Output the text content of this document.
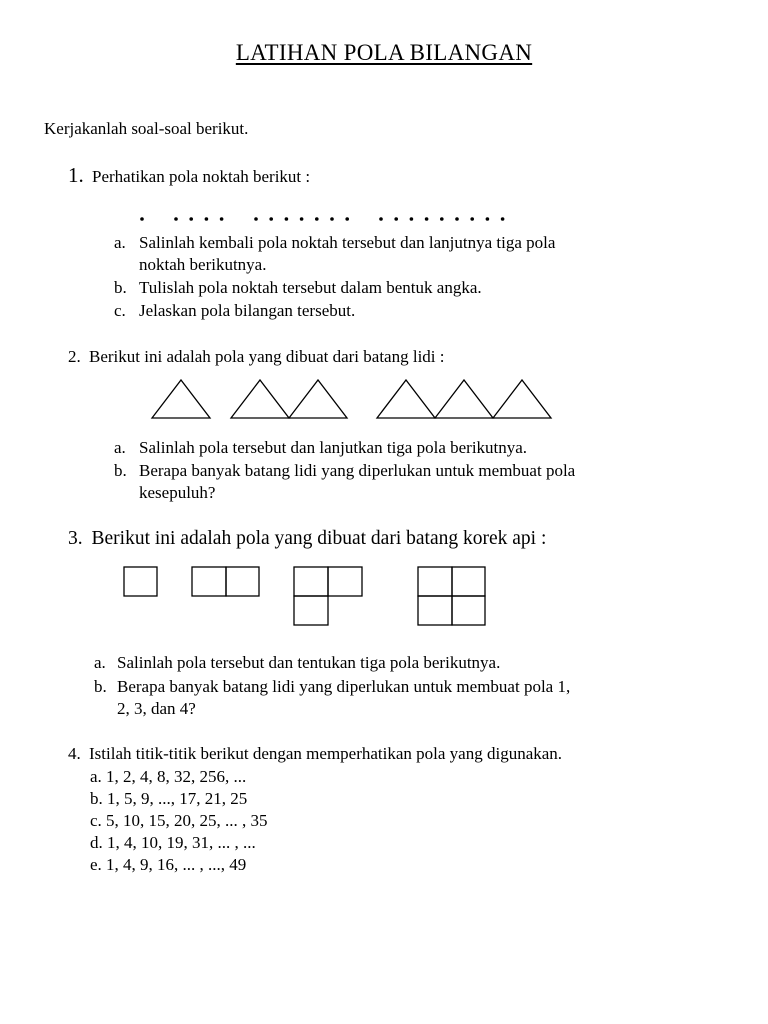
LATIHAN POLA BILANGAN
Kerjakanlah soal-soal berikut.
1. Perhatikan pola noktah berikut :
a. Salinlah kembali pola noktah tersebut dan lanjutnya tiga pola
noktah berikutnya.
b. Tulislah pola noktah tersebut dalam bentuk angka.
c. Jelaskan pola bilangan tersebut.
2. Berikut ini adalah pola yang dibuat dari batang lidi :
a. Salinlah pola tersebut dan lanjutkan tiga pola berikutnya.
b. Berapa banyak batang lidi yang diperlukan untuk membuat pola
kesepuluh?
3. Berikut ini adalah pola yang dibuat dari batang korek api :
a. Salinlah pola tersebut dan tentukan tiga pola berikutnya.
b. Berapa banyak batang lidi yang diperlukan untuk membuat pola 1,
2, 3, dan 4?
4. Istilah titik-titik berikut dengan memperhatikan pola yang digunakan.
a. 1, 2, 4, 8, 32, 256, ...
b. 1, 5, 9, ..., 17, 21, 25
c. 5, 10, 15, 20, 25, ... , 35
d. 1, 4, 10, 19, 31, ... , ...
e. 1, 4, 9, 16, ... , ..., 49
